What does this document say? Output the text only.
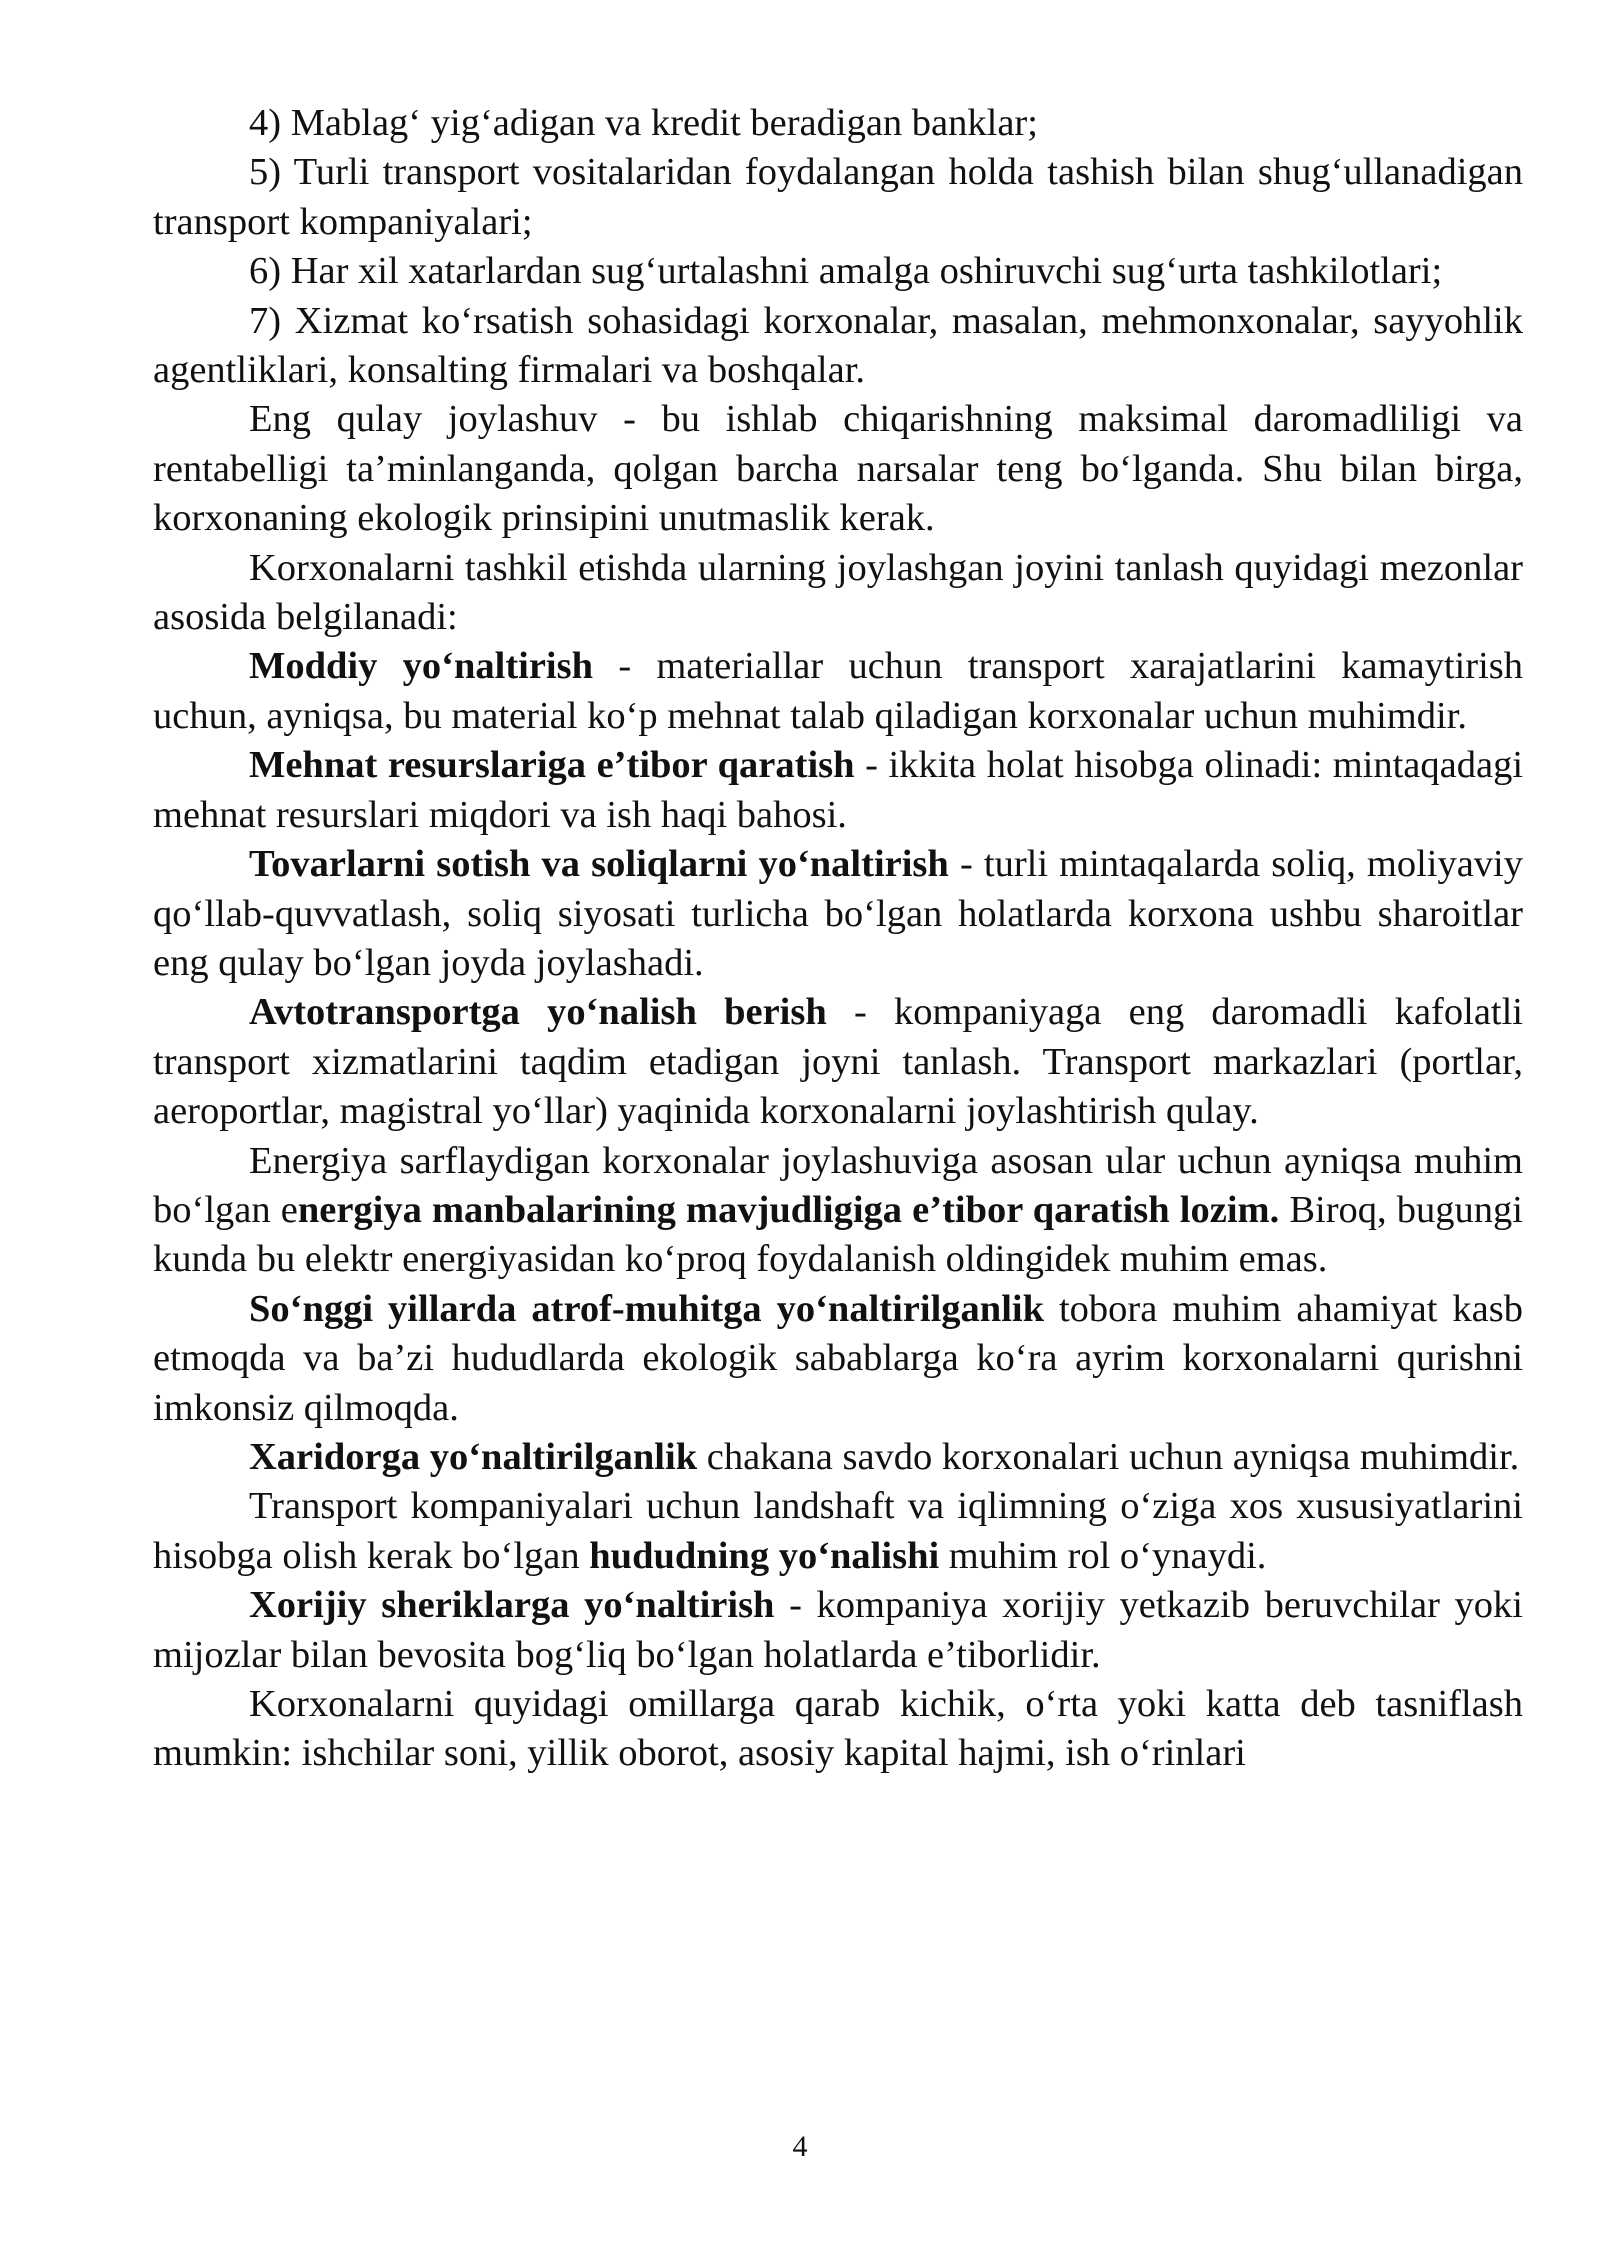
4) Mablag‘ yig‘adigan va kredit beradigan banklar;

5) Turli transport vositalaridan foydalangan holda tashish bilan shug‘ullanadigan transport kompaniyalari;

6) Har xil xatarlardan sug‘urtalashni amalga oshiruvchi sug‘urta tashkilotlari;

7) Xizmat ko‘rsatish sohasidagi korxonalar, masalan, mehmonxonalar, sayyohlik agentliklari, konsalting firmalari va boshqalar.

Eng qulay joylashuv - bu ishlab chiqarishning maksimal daromadliligi va rentabelligi ta’minlanganda, qolgan barcha narsalar teng bo‘lganda. Shu bilan birga, korxonaning ekologik prinsipini unutmaslik kerak.

Korxonalarni tashkil etishda ularning joylashgan joyini tanlash quyidagi mezonlar asosida belgilanadi:

Moddiy yo‘naltirish - materiallar uchun transport xarajatlarini kamaytirish uchun, ayniqsa, bu material ko‘p mehnat talab qiladigan korxonalar uchun muhimdir.

Mehnat resurslariga e’tibor qaratish - ikkita holat hisobga olinadi: mintaqadagi mehnat resurslari miqdori va ish haqi bahosi.

Tovarlarni sotish va soliqlarni yo‘naltirish - turli mintaqalarda soliq, moliyaviy qo‘llab-quvvatlash, soliq siyosati turlicha bo‘lgan holatlarda korxona ushbu sharoitlar eng qulay bo‘lgan joyda joylashadi.

Avtotransportga yo‘nalish berish - kompaniyaga eng daromadli kafolatli transport xizmatlarini taqdim etadigan joyni tanlash. Transport markazlari (portlar, aeroportlar, magistral yo‘llar) yaqinida korxonalarni joylashtirish qulay.

Energiya sarflaydigan korxonalar joylashuviga asosan ular uchun ayniqsa muhim bo‘lgan energiya manbalarining mavjudligiga e’tibor qaratish lozim. Biroq, bugungi kunda bu elektr energiyasidan ko‘proq foydalanish oldingidek muhim emas.

So‘nggi yillarda atrof-muhitga yo‘naltirilganlik tobora muhim ahamiyat kasb etmoqda va ba’zi hududlarda ekologik sabablarga ko‘ra ayrim korxonalarni qurishni imkonsiz qilmoqda.

Xaridorga yo‘naltirilganlik chakana savdo korxonalari uchun ayniqsa muhimdir.

Transport kompaniyalari uchun landshaft va iqlimning o‘ziga xos xususiyatlarini hisobga olish kerak bo‘lgan hududning yo‘nalishi muhim rol o‘ynaydi.

Xorijiy sheriklarga yo‘naltirish - kompaniya xorijiy yetkazib beruvchilar yoki mijozlar bilan bevosita bog‘liq bo‘lgan holatlarda e’tiborlidir.

Korxonalarni quyidagi omillarga qarab kichik, o‘rta yoki katta deb tasniflash mumkin: ishchilar soni, yillik oborot, asosiy kapital hajmi, ish o‘rinlari

4
